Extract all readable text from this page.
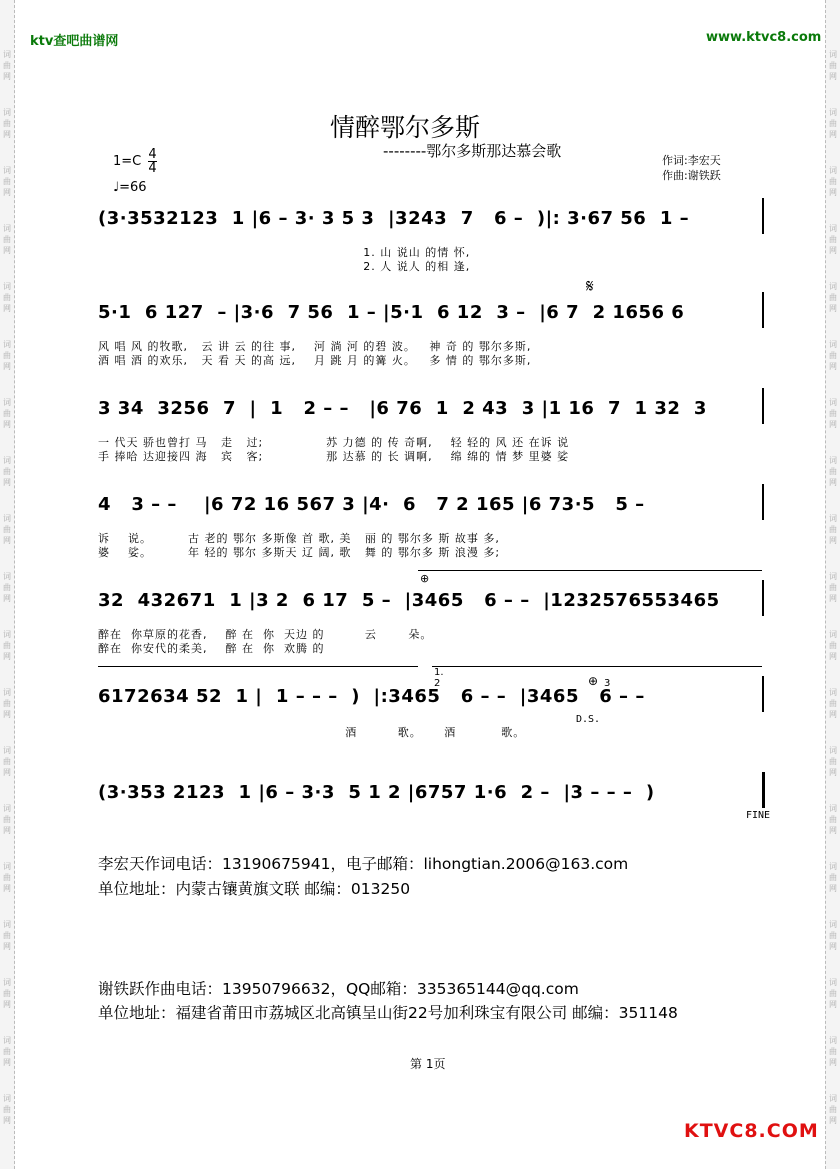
词
曲
网
词
曲
网
词
曲
网
词
曲
网
词
曲
网
词
曲
网
词
曲
网
词
曲
网
词
曲
网
词
曲
网
词
曲
网
词
曲
网
词
曲
网
词
曲
网
词
曲
网
词
曲
网
词
曲
网
词
曲
网
词
曲
网
词
曲
网
词
曲
网
词
曲
网
词
曲
网
词
曲
网
词
曲
网
词
曲
网
词
曲
网
词
曲
网
词
曲
网
词
曲
网
词
曲
网
词
曲
网
词
曲
网
词
曲
网
词
曲
网
词
曲
网
词
曲
网
词
曲
网
ktv查吧曲谱网	www.ktvc8.com
情醉鄂尔多斯
--------鄂尔多斯那达慕会歌
作词:李宏天
作曲:谢铁跃
$1=C \frac{4}{4}$
♩=66
(3·3532123  1 |6 – 3· 3 5 3  |3243  7   6 –  )|: 3·67 56  1 –
1. 山 说山 的情 怀,
2. 人 说人 的相 逢,
𝄋
5·1  6 127  – |3·6  7 56  1 – |5·1  6 12  3 –  |6 7  2 1656 6
风 唱 风 的牧歌,   云 讲 云 的往 事,    河 淌 河 的碧 波。   神 奇 的 鄂尔多斯,
酒 唱 酒 的欢乐,   天 看 天 的高 远,    月 跳 月 的篝 火。   多 情 的 鄂尔多斯,
3 34  3256  7  |  1   2 – –   |6 76  1  2 43  3 |1 16  7  1 32  3
一 代天 骄也曾打 马   走   过;              苏 力德 的 传 奇啊,    轻 轻的 风 还 在诉 说
手 捧哈 达迎接四 海   宾   客;              那 达慕 的 长 调啊,    绵 绵的 情 梦 里婆 娑
4   3 – –    |6 72 16 567 3 |4·  6   7 2 165 |6 73·5   5 –
诉    说。        古 老的 鄂尔 多斯像 首 歌, 美   丽 的 鄂尔多 斯 故事 多,
婆    娑。        年 轻的 鄂尔 多斯天 辽 阔, 歌   舞 的 鄂尔多 斯 浪漫 多;
⊕
32  432671  1 |3 2  6 17  5 –  |3465   6 – –  |1232576553465
醉在  你草原的花香,    醉 在  你  天边 的         云       朵。
醉在  你安代的柔美,    醉 在  你  欢腾 的
1.
2	3
⊕
6172634 52  1 |  1 – – –  )  |:3465   6 – –  |3465   6 – –
D.S.
酒         歌。     酒          歌。
(3·353 2123  1 |6 – 3·3  5 1 2 |6757 1·6  2 –  |3 – – –  )
FINE
李宏天作词电话：13190675941，电子邮箱：lihongtian.2006@163.com
单位地址：内蒙古镶黄旗文联 邮编：013250
谢铁跃作曲电话：13950796632，QQ邮箱：335365144@qq.com
单位地址：福建省莆田市荔城区北高镇呈山街22号加利珠宝有限公司 邮编：351148
第 1页
KTVC8.COM
